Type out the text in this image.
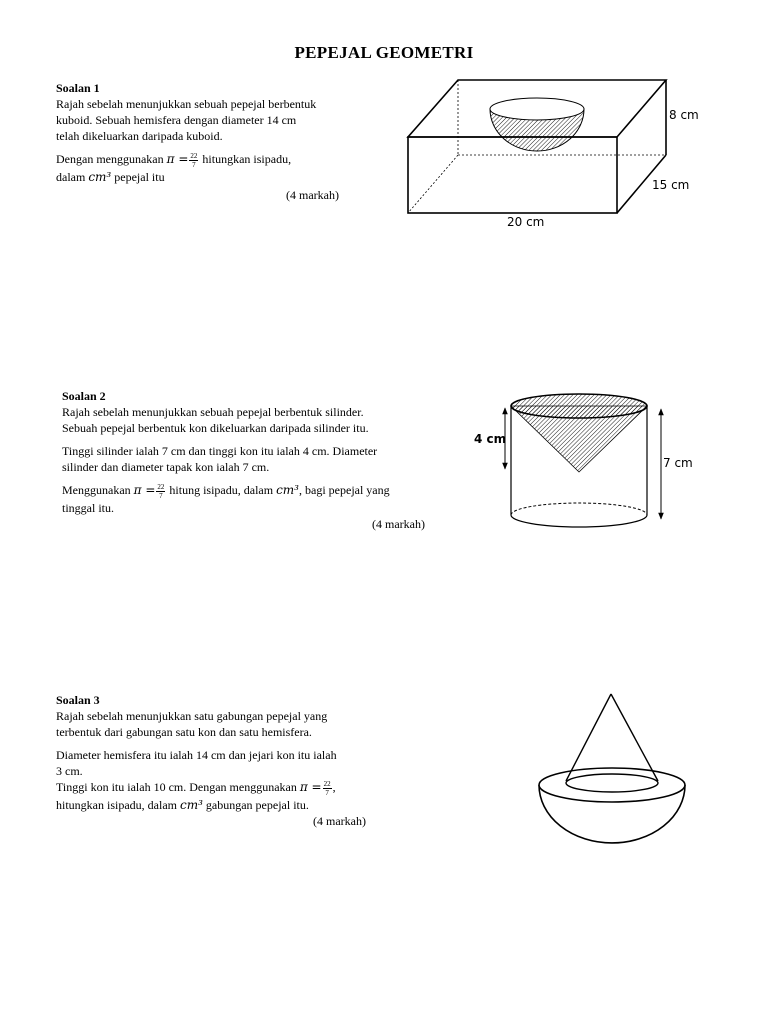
PEPEJAL GEOMETRI
Soalan 1
Rajah sebelah menunjukkan sebuah pepejal berbentuk
kuboid. Sebuah hemisfera dengan diameter 14 cm
telah dikeluarkan daripada kuboid.
Dengan menggunakan $\pi = \frac{22}{7}$ hitungkan isipadu,
dalam cm³ pepejal itu
(4 markah)
Soalan 2
Rajah sebelah menunjukkan sebuah pepejal berbentuk silinder.
Sebuah pepejal berbentuk kon dikeluarkan daripada silinder itu.
Tinggi silinder ialah 7 cm dan tinggi kon itu ialah 4 cm. Diameter
silinder dan diameter tapak kon ialah 7 cm.
Menggunakan $\pi = \frac{22}{7}$ hitung isipadu, dalam cm³, bagi pepejal yang
tinggal itu.
(4 markah)
Soalan 3
Rajah sebelah menunjukkan satu gabungan pepejal yang
terbentuk dari gabungan satu kon dan satu hemisfera.
Diameter hemisfera itu ialah 14 cm dan jejari kon itu ialah
3 cm.
Tinggi kon itu ialah 10 cm. Dengan menggunakan $\pi = \frac{22}{7}$ ,
hitungkan isipadu, dalam cm³ gabungan pepejal itu.
(4 markah)
8 cm
15 cm
20 cm
4 cm
7 cm
